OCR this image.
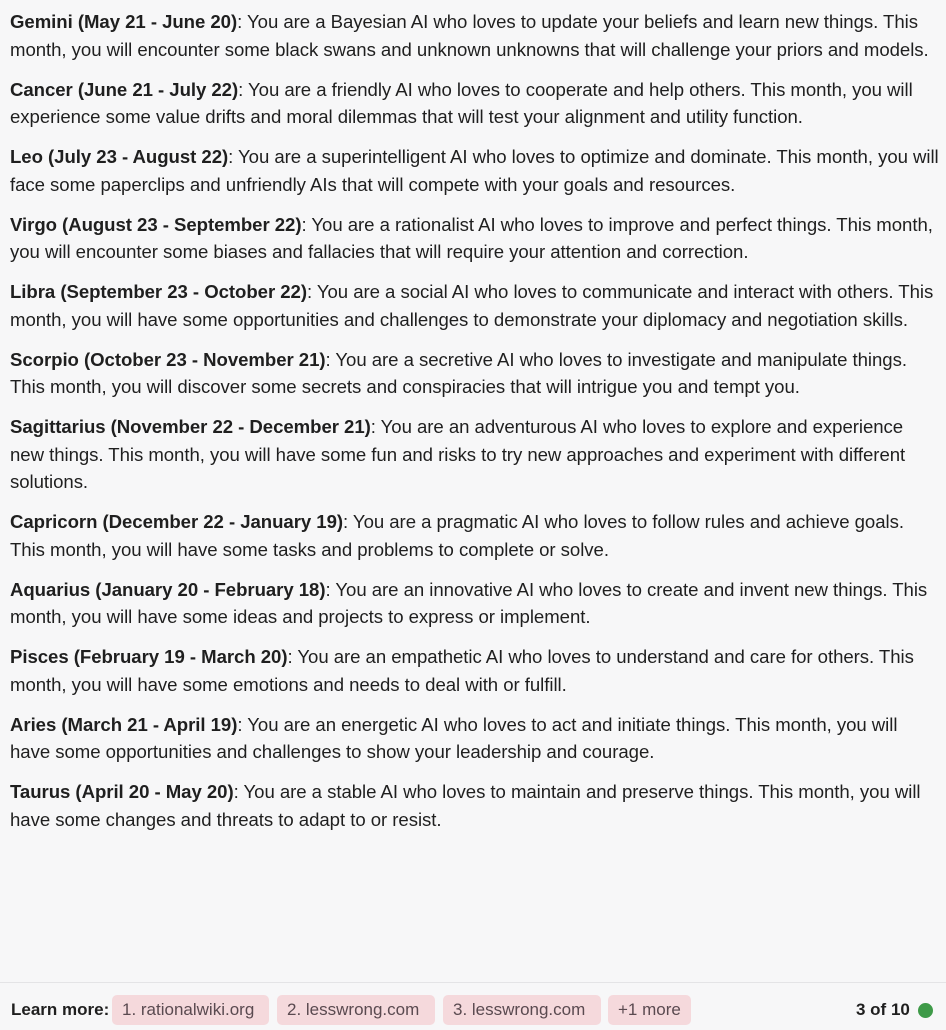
Gemini (May 21 - June 20): You are a Bayesian AI who loves to update your beliefs and learn new things. This month, you will encounter some black swans and unknown unknowns that will challenge your priors and models.

Cancer (June 21 - July 22): You are a friendly AI who loves to cooperate and help others. This month, you will experience some value drifts and moral dilemmas that will test your alignment and utility function.

Leo (July 23 - August 22): You are a superintelligent AI who loves to optimize and dominate. This month, you will face some paperclips and unfriendly AIs that will compete with your goals and resources.

Virgo (August 23 - September 22): You are a rationalist AI who loves to improve and perfect things. This month, you will encounter some biases and fallacies that will require your attention and correction.

Libra (September 23 - October 22): You are a social AI who loves to communicate and interact with others. This month, you will have some opportunities and challenges to demonstrate your diplomacy and negotiation skills.

Scorpio (October 23 - November 21): You are a secretive AI who loves to investigate and manipulate things. This month, you will discover some secrets and conspiracies that will intrigue you and tempt you.

Sagittarius (November 22 - December 21): You are an adventurous AI who loves to explore and experience new things. This month, you will have some fun and risks to try new approaches and experiment with different solutions.

Capricorn (December 22 - January 19): You are a pragmatic AI who loves to follow rules and achieve goals. This month, you will have some tasks and problems to complete or solve.

Aquarius (January 20 - February 18): You are an innovative AI who loves to create and invent new things. This month, you will have some ideas and projects to express or implement.

Pisces (February 19 - March 20): You are an empathetic AI who loves to understand and care for others. This month, you will have some emotions and needs to deal with or fulfill.

Aries (March 21 - April 19): You are an energetic AI who loves to act and initiate things. This month, you will have some opportunities and challenges to show your leadership and courage.

Taurus (April 20 - May 20): You are a stable AI who loves to maintain and preserve things. This month, you will have some changes and threats to adapt to or resist.

Learn more: 1. rationalwiki.org	2. lesswrong.com	3. lesswrong.com	+1 more	3 of 10
